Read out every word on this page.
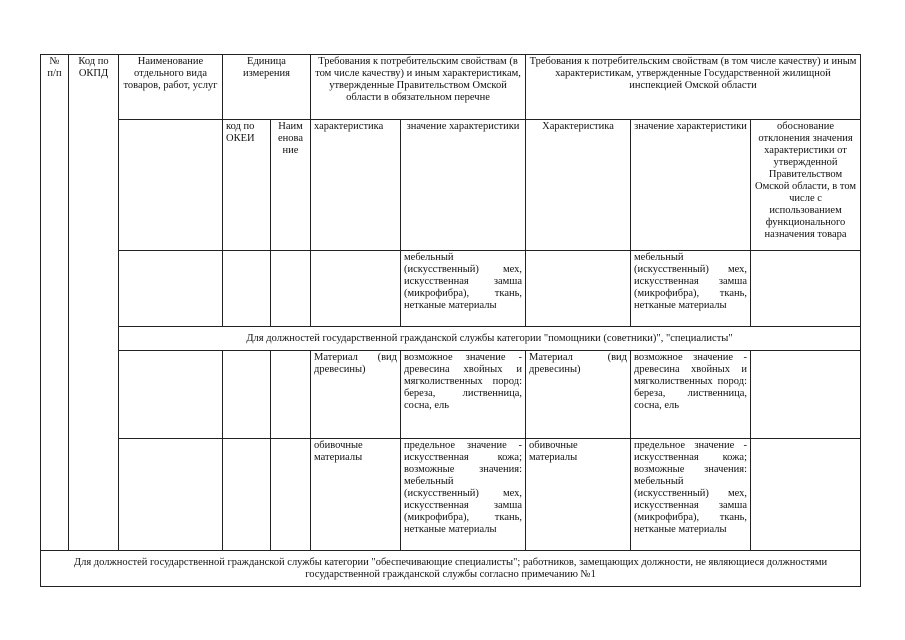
№ п/п	Код по ОКПД	Наименование отдельного вида товаров, работ, услуг	Единица измерения		Требования к потребительским свойствам (в том числе качеству) и иным характеристикам, утвержденные Правительством Омской области в обязательном перечне		Требования к потребительским свойствам (в том числе качеству) и иным характеристикам, утвержденные Государственной жилищной инспекцией Омской области		
			код по ОКЕИ	Наим енова ние	характеристика	значение характеристики	Характеристика	значение характеристики	обоснование отклонения значения характеристики от утвержденной Правительством Омской области, в том числе с использованием функционального назначения товара
						мебельный (искусственный) мех, искусственная замша (микрофибра), ткань, нетканые материалы		мебельный (искусственный) мех, искусственная замша (микрофибра), ткань, нетканые материалы	
		Для должностей государственной гражданской службы категории "помощники (советники)", "специалисты"							
					Материал (вид древесины)	возможное значение - древесина хвойных и мягколиственных пород: береза, лиственница, сосна, ель	Материал (вид древесины)	возможное значение - древесина хвойных и мягколиственных пород: береза, лиственница, сосна, ель	
					обивочные материалы	предельное значение - искусственная кожа; возможные значения: мебельный (искусственный) мех, искусственная замша (микрофибра), ткань, нетканые материалы	обивочные материалы	предельное значение - искусственная кожа; возможные значения: мебельный (искусственный) мех, искусственная замша (микрофибра), ткань, нетканые материалы	
Для должностей государственной гражданской службы категории "обеспечивающие специалисты"; работников, замещающих должности, не являющиеся должностями государственной гражданской службы согласно примечанию №1									
